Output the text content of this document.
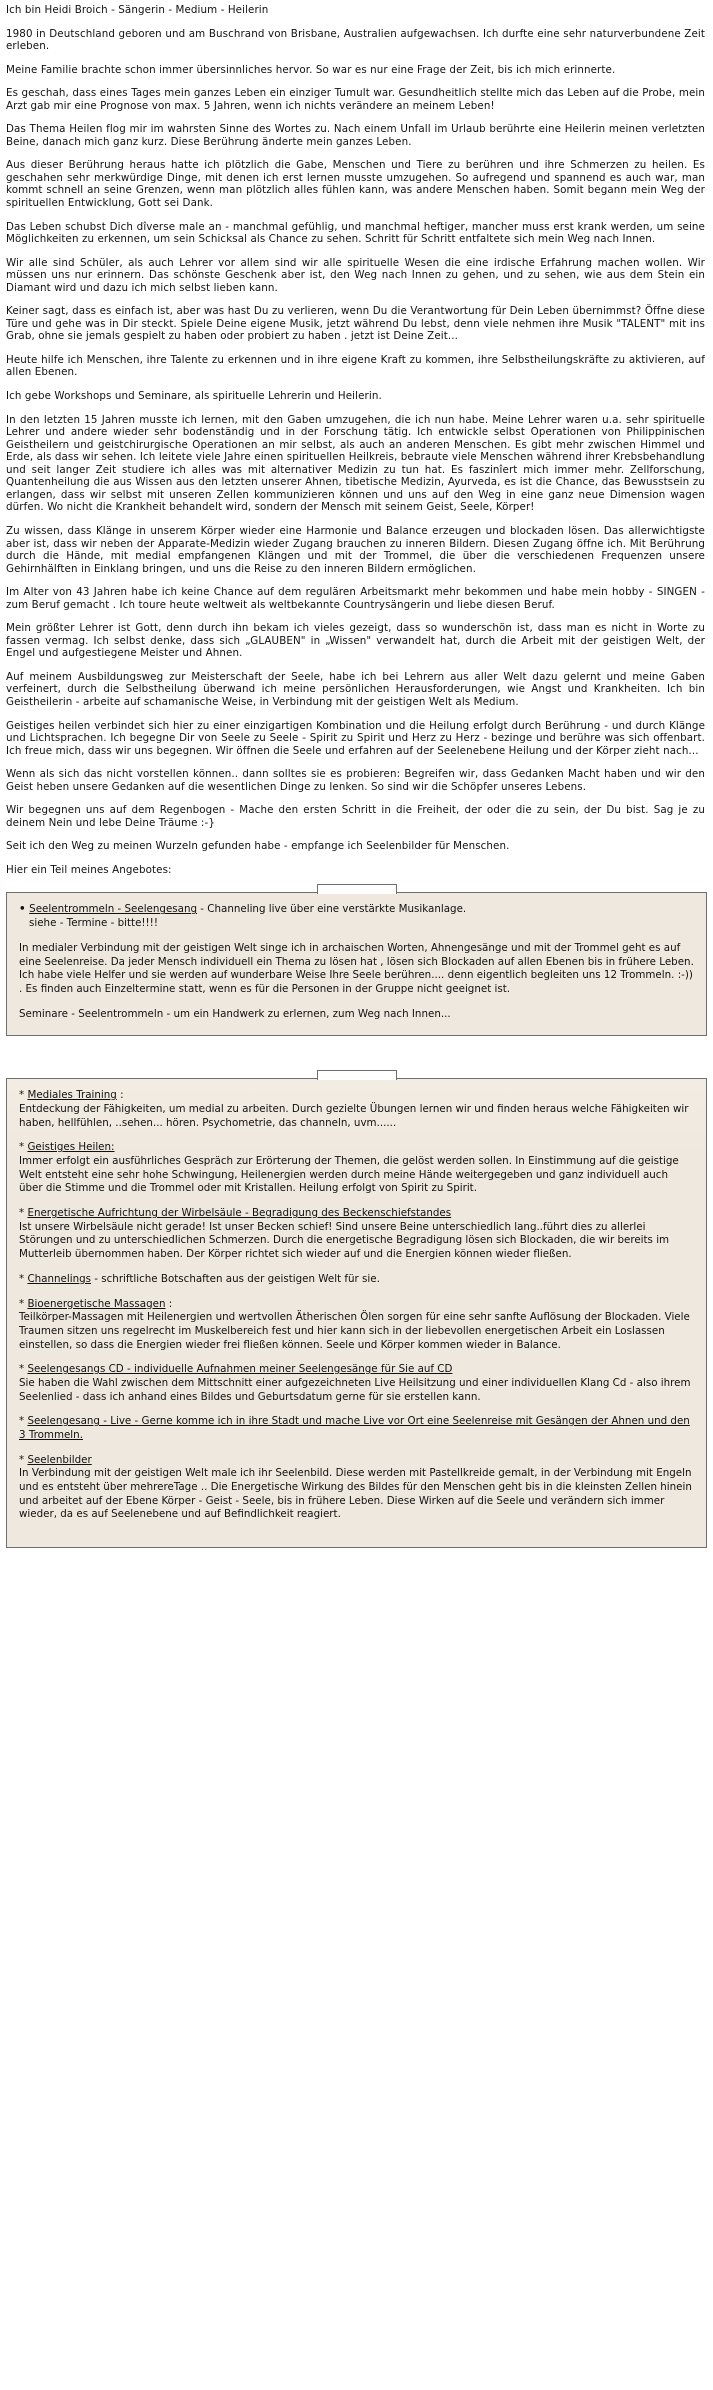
Ich bin Heidi Broich - Sängerin - Medium - Heilerin

1980 in Deutschland geboren und am Buschrand von Brisbane, Australien aufgewachsen. Ich durfte eine sehr naturverbundene Zeit erleben.

Meine Familie brachte schon immer übersinnliches hervor. So war es nur eine Frage der Zeit, bis ich mich erinnerte.

Es geschah, dass eines Tages mein ganzes Leben ein einziger Tumult war. Gesundheitlich stellte mich das Leben auf die Probe, mein Arzt gab mir eine Prognose von max. 5 Jahren, wenn ich nichts verändere an meinem Leben!

Das Thema Heilen flog mir im wahrsten Sinne des Wortes zu. Nach einem Unfall im Urlaub berührte eine Heilerin meinen verletzten Beine, danach mich ganz kurz. Diese Berührung änderte mein ganzes Leben.

Aus dieser Berührung heraus hatte ich plötzlich die Gabe, Menschen und Tiere zu berühren und ihre Schmerzen zu heilen. Es geschahen sehr merkwürdige Dinge, mit denen ich erst lernen musste umzugehen. So aufregend und spannend es auch war, man kommt schnell an seine Grenzen, wenn man plötzlich alles fühlen kann, was andere Menschen haben. Somit begann mein Weg der spirituellen Entwicklung, Gott sei Dank.

Das Leben schubst Dich dîverse male an - manchmal gefühlig, und manchmal heftiger, mancher muss erst krank werden, um seine Möglichkeiten zu erkennen, um sein Schicksal als Chance zu sehen. Schritt für Schritt entfaltete sich mein Weg nach Innen.

Wir alle sind Schüler, als auch Lehrer vor allem sind wir alle spirituelle Wesen die eine irdische Erfahrung machen wollen. Wir müssen uns nur erinnern. Das schönste Geschenk aber ist, den Weg nach Innen zu gehen, und zu sehen, wie aus dem Stein ein Diamant wird und dazu ich mich selbst lieben kann.

Keiner sagt, dass es einfach ist, aber was hast Du zu verlieren, wenn Du die Verantwortung für Dein Leben übernimmst? Öffne diese Türe und gehe was in Dir steckt. Spiele Deine eigene Musik, jetzt während Du lebst, denn viele nehmen ihre Musik "TALENT" mit ins Grab, ohne sie jemals gespielt zu haben oder probiert zu haben . jetzt ist Deine Zeit...

Heute hilfe ich Menschen, ihre Talente zu erkennen und in ihre eigene Kraft zu kommen, ihre Selbstheilungskräfte zu aktivieren, auf allen Ebenen.

Ich gebe Workshops und Seminare, als spirituelle Lehrerin und Heilerin.

In den letzten 15 Jahren musste ich lernen, mit den Gaben umzugehen, die ich nun habe. Meine Lehrer waren u.a. sehr spirituelle Lehrer und andere wieder sehr bodenständig und in der Forschung tätig. Ich entwickle selbst Operationen von Philippinischen Geistheilern und geistchirurgische Operationen an mir selbst, als auch an anderen Menschen. Es gibt mehr zwischen Himmel und Erde, als dass wir sehen. Ich leitete viele Jahre einen spirituellen Heilkreis, bebraute viele Menschen während ihrer Krebsbehandlung und seit langer Zeit studiere ich alles was mit alternativer Medizin zu tun hat. Es faszinîert mich immer mehr. Zellforschung, Quantenheilung die aus Wissen aus den letzten unserer Ahnen, tibetische Medizin, Ayurveda, es ist die Chance, das Bewusstsein zu erlangen, dass wir selbst mit unseren Zellen kommunizieren können und uns auf den Weg in eine ganz neue Dimension wagen dürfen. Wo nicht die Krankheit behandelt wird, sondern der Mensch mit seinem Geist, Seele, Körper!

Zu wissen, dass Klänge in unserem Körper wieder eine Harmonie und Balance erzeugen und blockaden lösen. Das allerwichtigste aber ist, dass wir neben der Apparate-Medizin wieder Zugang brauchen zu inneren Bildern. Diesen Zugang öffne ich. Mit Berührung durch die Hände, mit medial empfangenen Klängen und mit der Trommel, die über die verschiedenen Frequenzen unsere Gehirnhälften in Einklang bringen, und uns die Reise zu den inneren Bildern ermöglichen.

Im Alter von 43 Jahren habe ich keine Chance auf dem regulären Arbeitsmarkt mehr bekommen und habe mein hobby - SINGEN - zum Beruf gemacht . Ich toure heute weltweit als weltbekannte Countrysängerin und liebe diesen Beruf.

Mein größter Lehrer ist Gott, denn durch ihn bekam ich vieles gezeigt, dass so wunderschön ist, dass man es nicht in Worte zu fassen vermag. Ich selbst denke, dass sich „GLAUBEN" in „Wissen" verwandelt hat, durch die Arbeit mit der geistigen Welt, der Engel und aufgestiegene Meister und Ahnen.

Auf meinem Ausbildungsweg zur Meisterschaft der Seele, habe ich bei Lehrern aus aller Welt dazu gelernt und meine Gaben verfeinert, durch die Selbstheilung überwand ich meine persönlichen Herausforderungen, wie Angst und Krankheiten. Ich bin Geistheilerin - arbeite auf schamanische Weise, in Verbindung mit der geistigen Welt als Medium.

Geistiges heilen verbindet sich hier zu einer einzigartigen Kombination und die Heilung erfolgt durch Berührung - und durch Klänge und Lichtsprachen. Ich begegne Dir von Seele zu Seele - Spirit zu Spirit und Herz zu Herz - bezinge und berühre was sich offenbart. Ich freue mich, dass wir uns begegnen. Wir öffnen die Seele und erfahren auf der Seelenebene Heilung und der Körper zieht nach...

Wenn als sich das nicht vorstellen können.. dann solltes sie es probieren: Begreifen wir, dass Gedanken Macht haben und wir den Geist heben unsere Gedanken auf die wesentlichen Dinge zu lenken. So sind wir die Schöpfer unseres Lebens.

Wir begegnen uns auf dem Regenbogen - Mache den ersten Schritt in die Freiheit, der oder die zu sein, der Du bist. Sag je zu deinem Nein und lebe Deine Träume :-}

Seit ich den Weg zu meinen Wurzeln gefunden habe - empfange ich Seelenbilder für Menschen.

Hier ein Teil meines Angebotes:

• Seelentrommeln - Seelengesang - Channeling live über eine verstärkte Musikanlage.

siehe - Termine - bitte!!!!

In medialer Verbindung mit der geistigen Welt singe ich in archaischen Worten, Ahnengesänge und mit der Trommel geht es auf eine Seelenreise. Da jeder Mensch individuell ein Thema zu lösen hat , lösen sich Blockaden auf allen Ebenen bis in frühere Leben. Ich habe viele Helfer und sie werden auf wunderbare Weise Ihre Seele berühren.... denn eigentlich begleiten uns 12 Trommeln. :-)) . Es finden auch Einzeltermine statt, wenn es für die Personen in der Gruppe nicht geeignet ist.

Seminare - Seelentrommeln - um ein Handwerk zu erlernen, zum Weg nach Innen...

* Mediales Training :
Entdeckung der Fähigkeiten, um medial zu arbeiten. Durch gezielte Übungen lernen wir und finden heraus welche Fähigkeiten wir haben, hellfühlen, ..sehen... hören. Psychometrie, das channeln, uvm......

* Geistiges Heilen:
Immer erfolgt ein ausführliches Gespräch zur Erörterung der Themen, die gelöst werden sollen. In Einstimmung auf die geistige Welt entsteht eine sehr hohe Schwingung, Heilenergien werden durch meine Hände weitergegeben und ganz individuell auch über die Stimme und die Trommel oder mit Kristallen. Heilung erfolgt von Spirit zu Spirit.

* Energetische Aufrichtung der Wirbelsäule - Begradigung des Beckenschiefstandes
Ist unsere Wirbelsäule nicht gerade! Ist unser Becken schief! Sind unsere Beine unterschiedlich lang..führt dies zu allerlei Störungen und zu unterschiedlichen Schmerzen. Durch die energetische Begradigung lösen sich Blockaden, die wir bereits im Mutterleib übernommen haben. Der Körper richtet sich wieder auf und die Energien können wieder fließen.

* Channelings - schriftliche Botschaften aus der geistigen Welt für sie.

* Bioenergetische Massagen :
Teilkörper-Massagen mit Heilenergien und wertvollen Ätherischen Ölen sorgen für eine sehr sanfte Auflösung der Blockaden. Viele Traumen sitzen uns regelrecht im Muskelbereich fest und hier kann sich in der liebevollen energetischen Arbeit ein Loslassen einstellen, so dass die Energien wieder frei fließen können. Seele und Körper kommen wieder in Balance.

* Seelengesangs CD - individuelle Aufnahmen meiner Seelengesänge für Sie auf CD
Sie haben die Wahl zwischen dem Mittschnitt einer aufgezeichneten Live Heilsitzung und einer individuellen Klang Cd - also ihrem Seelenlied - dass ich anhand eines Bildes und Geburtsdatum gerne für sie erstellen kann.

* Seelengesang - Live - Gerne komme ich in ihre Stadt und mache Live vor Ort eine Seelenreise mit Gesängen der Ahnen und den 3 Trommeln.

* Seelenbilder
In Verbindung mit der geistigen Welt male ich ihr Seelenbild. Diese werden mit Pastellkreide gemalt, in der Verbindung mit Engeln und es entsteht über mehrereTage .. Die Energetische Wirkung des Bildes für den Menschen geht bis in die kleinsten Zellen hinein und arbeitet auf der Ebene Körper - Geist - Seele, bis in frühere Leben. Diese Wirken auf die Seele und verändern sich immer wieder, da es auf Seelenebene und auf Befindlichkeit reagiert.
